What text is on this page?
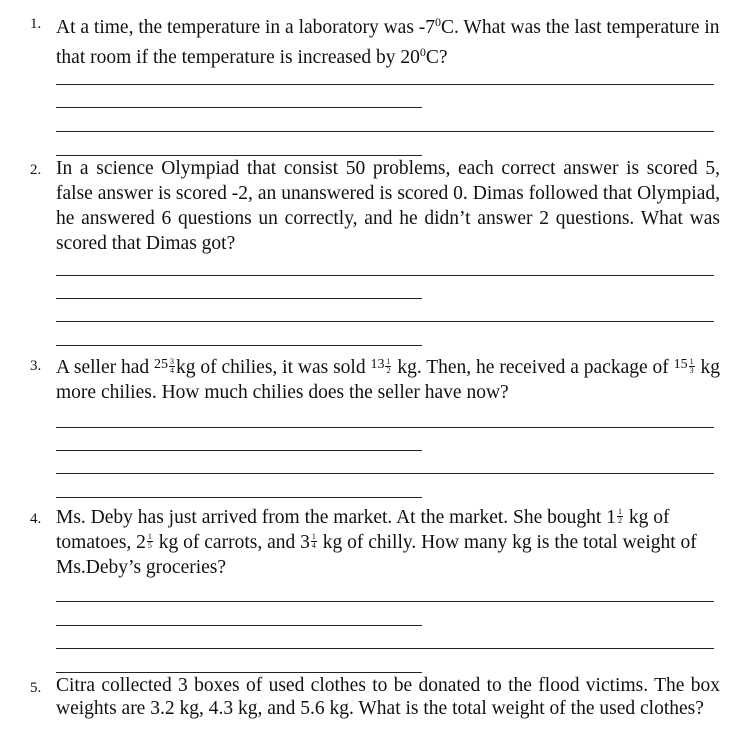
1. At a time, the temperature in a laboratory was $-7^0C$. What was the last temperature in that room if the temperature is increased by $20^0C$?
2. In a science Olympiad that consist 50 problems, each correct answer is scored 5, false answer is scored -2, an unanswered is scored 0. Dimas followed that Olympiad, he answered 6 questions un correctly, and he didn’t answer 2 questions. What was scored that Dimas got?
3. A seller had $^{25} \frac{3}{4}$ kg of chilies, it was sold $^{13} \frac{1}{2}$ kg. Then, he received a package of $^{15} \frac{1}{3}$ kg more chilies. How much chilies does the seller have now?
4. Ms. Deby has just arrived from the market. At the market. She bought $1 \frac{1}{2}$ kg of tomatoes, $2 \frac{1}{5}$ kg of carrots, and $3 \frac{1}{4}$ kg of chilly. How many kg is the total weight of Ms.Deby’s groceries?
5. Citra collected 3 boxes of used clothes to be donated to the flood victims. The box weights are 3.2 kg, 4.3 kg, and 5.6 kg. What is the total weight of the used clothes?
